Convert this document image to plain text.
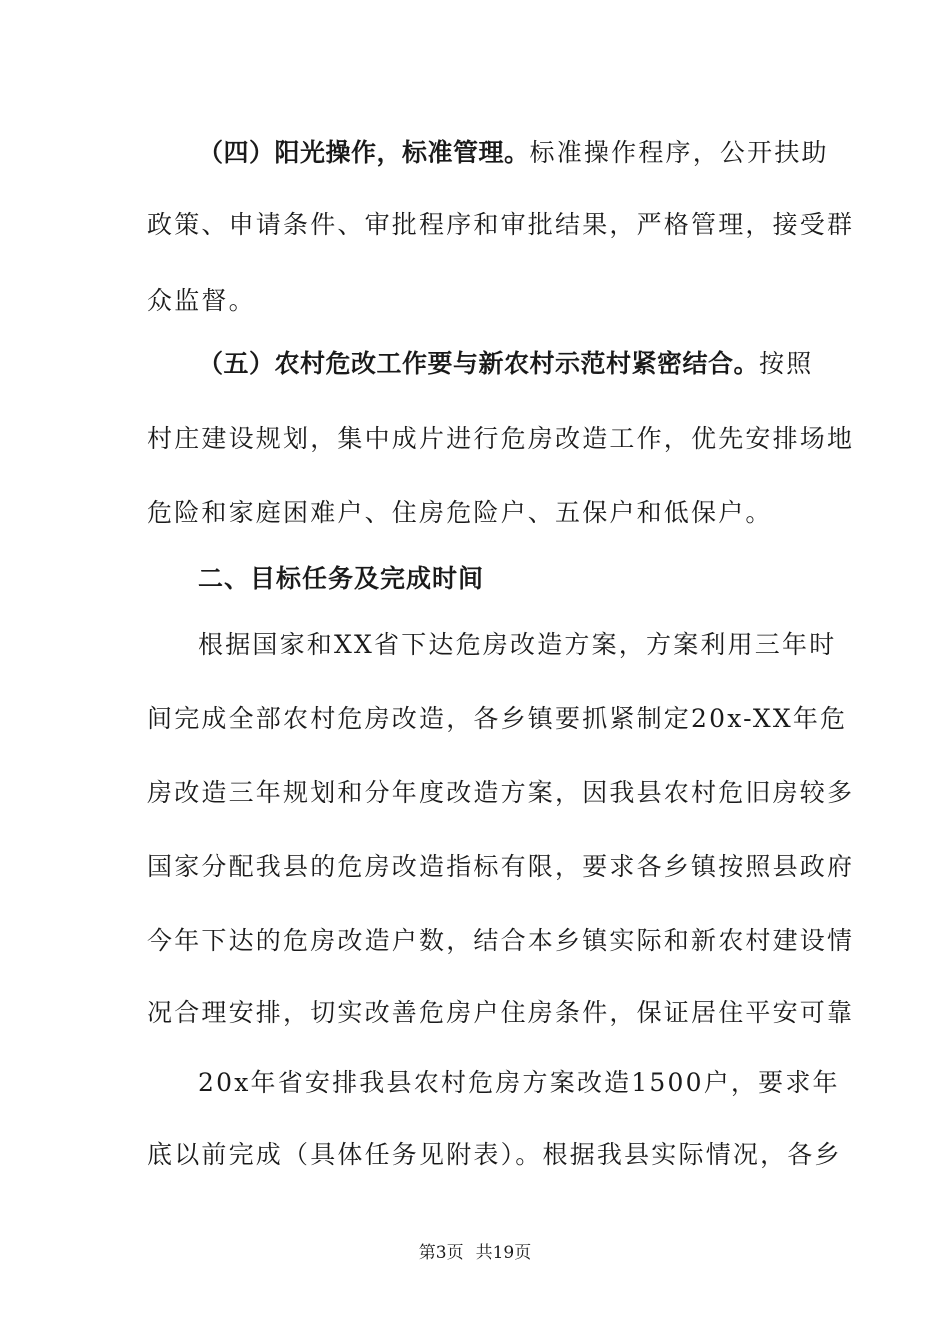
（四）阳光操作，标准管理。标准操作程序，公开扶助
政策、申请条件、审批程序和审批结果，严格管理，接受群
众监督。
（五）农村危改工作要与新农村示范村紧密结合。按照
村庄建设规划，集中成片进行危房改造工作，优先安排场地
危险和家庭困难户、住房危险户、五保户和低保户。
二、目标任务及完成时间
根据国家和XX省下达危房改造方案，方案利用三年时
间完成全部农村危房改造，各乡镇要抓紧制定20x-XX年危
房改造三年规划和分年度改造方案，因我县农村危旧房较多
国家分配我县的危房改造指标有限，要求各乡镇按照县政府
今年下达的危房改造户数，结合本乡镇实际和新农村建设情
况合理安排，切实改善危房户住房条件，保证居住平安可靠
20x年省安排我县农村危房方案改造1500户，要求年
底以前完成（具体任务见附表）。根据我县实际情况，各乡
第3页 共19页
